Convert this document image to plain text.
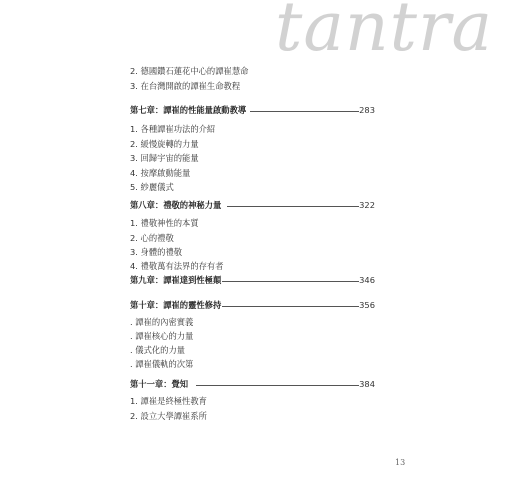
tantra
2. 德國鑽石蓮花中心的譚崔慧命
3. 在台灣開啟的譚崔生命教程
第七章：譚崔的性能量啟動教導	283
1. 各種譚崔功法的介紹
2. 緩慢旋轉的力量
3. 回歸宇宙的能量
4. 按摩啟動能量
5. 紗麗儀式
第八章：禮敬的神秘力量	322
1. 禮敬神性的本質
2. 心的禮敬
3. 身體的禮敬
4. 禮敬萬有法界的存有者
第九章：譚崔達到性極顛	346
第十章：譚崔的靈性修持	356
. 譚崔的內密實義
. 譚崔核心的力量
. 儀式化的力量
. 譚崔儀軌的次第
第十一章：覺知	384
1. 譚崔是終極性教育
2. 設立大學譚崔系所
13
